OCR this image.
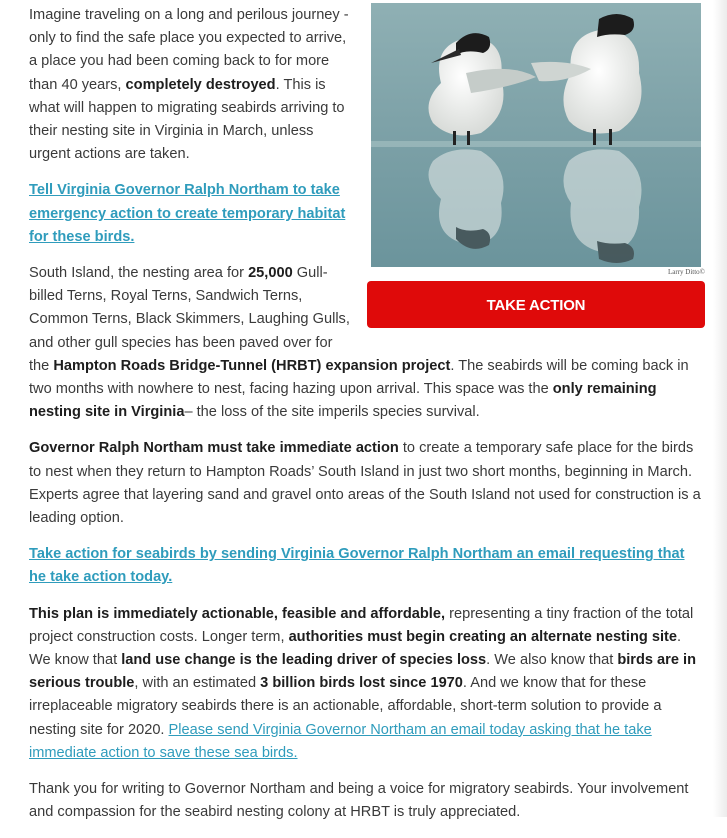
Larry Ditto©
TAKE ACTION

Imagine traveling on a long and perilous journey - only to find the safe place you expected to arrive, a place you had been coming back to for more than 40 years, completely destroyed. This is what will happen to migrating seabirds arriving to their nesting site in Virginia in March, unless urgent actions are taken.

Tell Virginia Governor Ralph Northam to take emergency action to create temporary habitat for these birds.

South Island, the nesting area for 25,000 Gull-billed Terns, Royal Terns, Sandwich Terns, Common Terns, Black Skimmers, Laughing Gulls, and other gull species has been paved over for the Hampton Roads Bridge-Tunnel (HRBT) expansion project. The seabirds will be coming back in two months with nowhere to nest, facing hazing upon arrival. This space was the only remaining nesting site in Virginia– the loss of the site imperils species survival.

Governor Ralph Northam must take immediate action to create a temporary safe place for the birds to nest when they return to Hampton Roads’ South Island in just two short months, beginning in March. Experts agree that layering sand and gravel onto areas of the South Island not used for construction is a leading option.

Take action for seabirds by sending Virginia Governor Ralph Northam an email requesting that he take action today.

This plan is immediately actionable, feasible and affordable, representing a tiny fraction of the total project construction costs. Longer term, authorities must begin creating an alternate nesting site. We know that land use change is the leading driver of species loss. We also know that birds are in serious trouble, with an estimated 3 billion birds lost since 1970. And we know that for these irreplaceable migratory seabirds there is an actionable, affordable, short-term solution to provide a nesting site for 2020. Please send Virginia Governor Northam an email today asking that he take immediate action to save these sea birds.

Thank you for writing to Governor Northam and being a voice for migratory seabirds. Your involvement and compassion for the seabird nesting colony at HRBT is truly appreciated.
